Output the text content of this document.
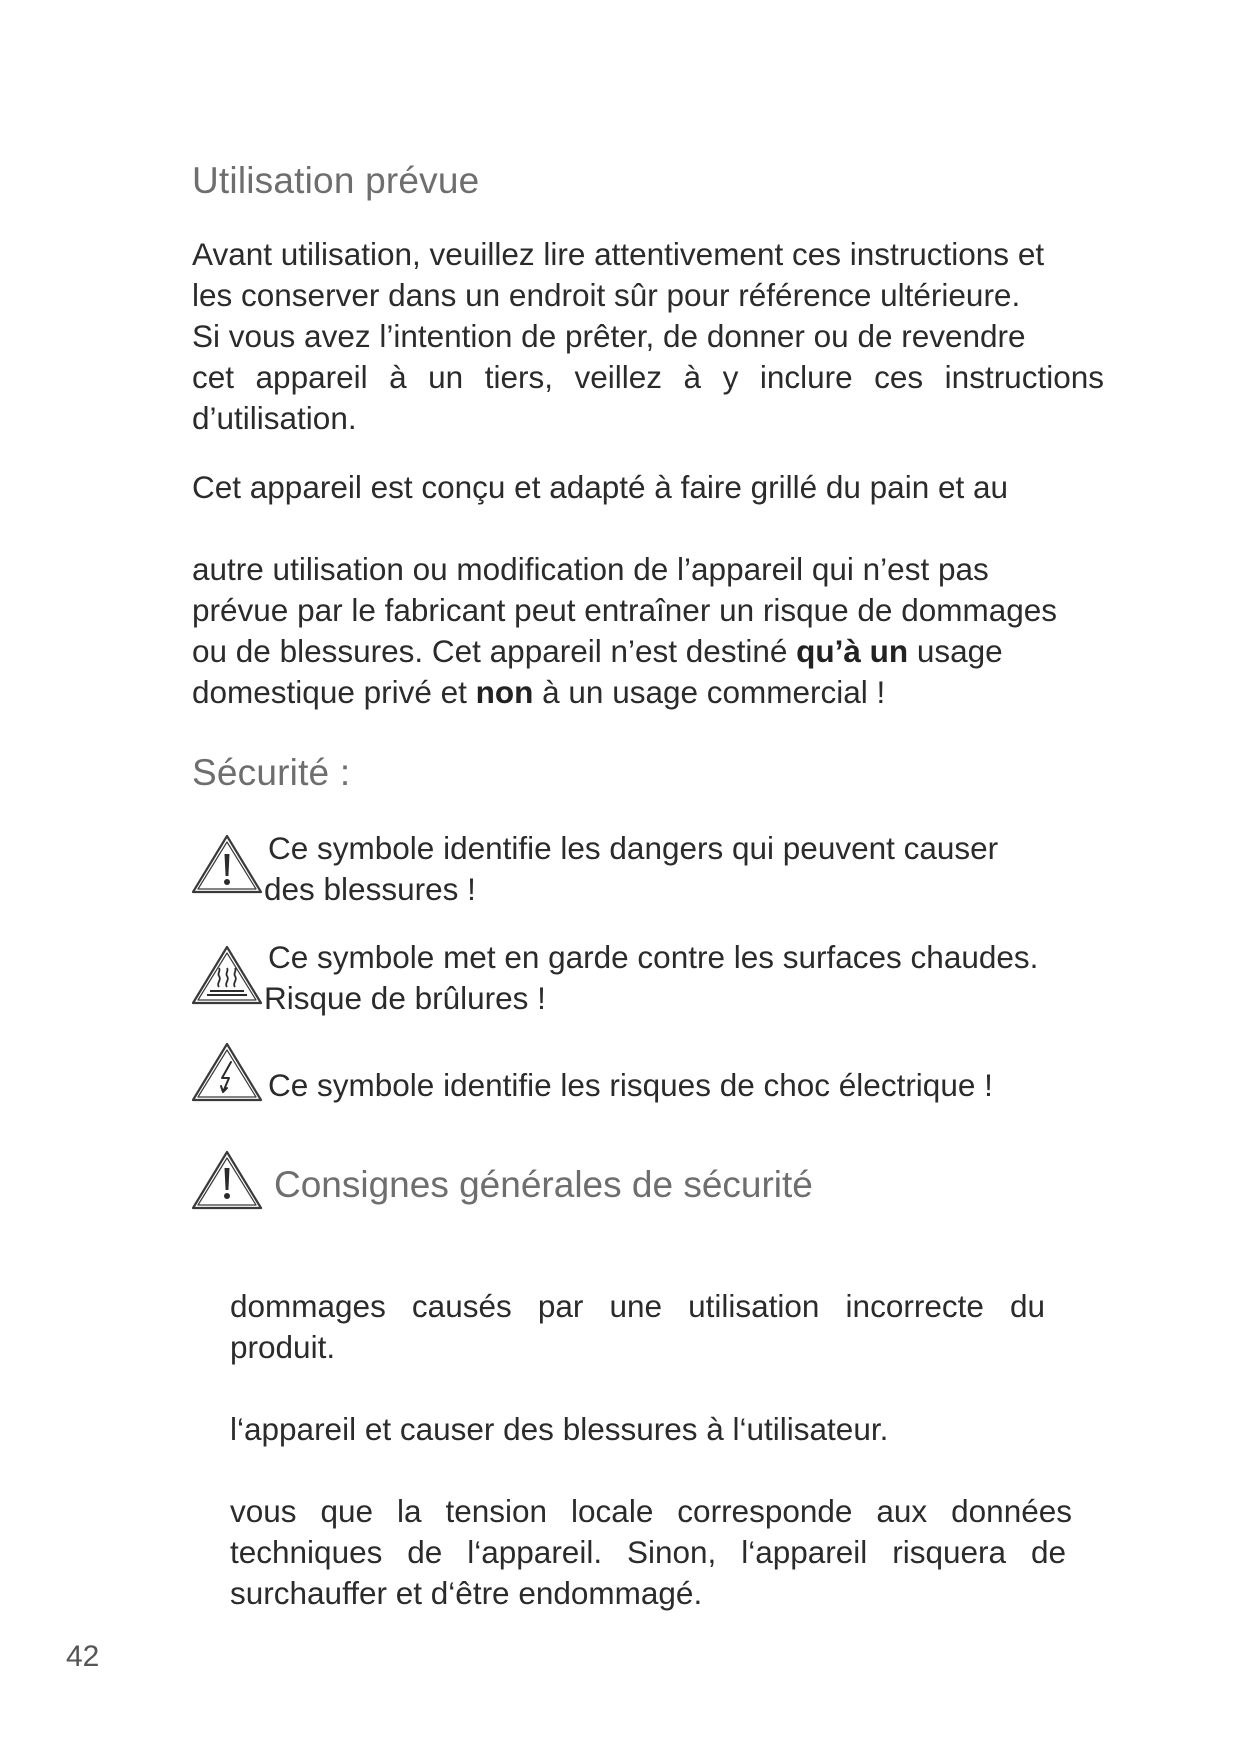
Utilisation prévue

Avant utilisation, veuillez lire attentivement ces instructions et
les conserver dans un endroit sûr pour référence ultérieure.
Si vous avez l’intention de prêter, de donner ou de revendre
cet appareil à un tiers, veillez à y inclure ces instructions
d’utilisation.

Cet appareil est conçu et adapté à faire grillé du pain et au

autre utilisation ou modification de l’appareil qui n’est pas
prévue par le fabricant peut entraîner un risque de dommages
ou de blessures. Cet appareil n’est destiné qu’à un usage
domestique privé et non à un usage commercial !

Sécurité :
Ce symbole identifie les dangers qui peuvent causer
des blessures !
Ce symbole met en garde contre les surfaces chaudes.
Risque de brûlures !
Ce symbole identifie les risques de choc électrique !
Consignes générales de sécurité

dommages causés par une utilisation incorrecte du
produit.

l‘appareil et causer des blessures à l‘utilisateur.

vous que la tension locale corresponde aux données
techniques de l‘appareil. Sinon, l‘appareil risquera de
surchauffer et d‘être endommagé.

42
